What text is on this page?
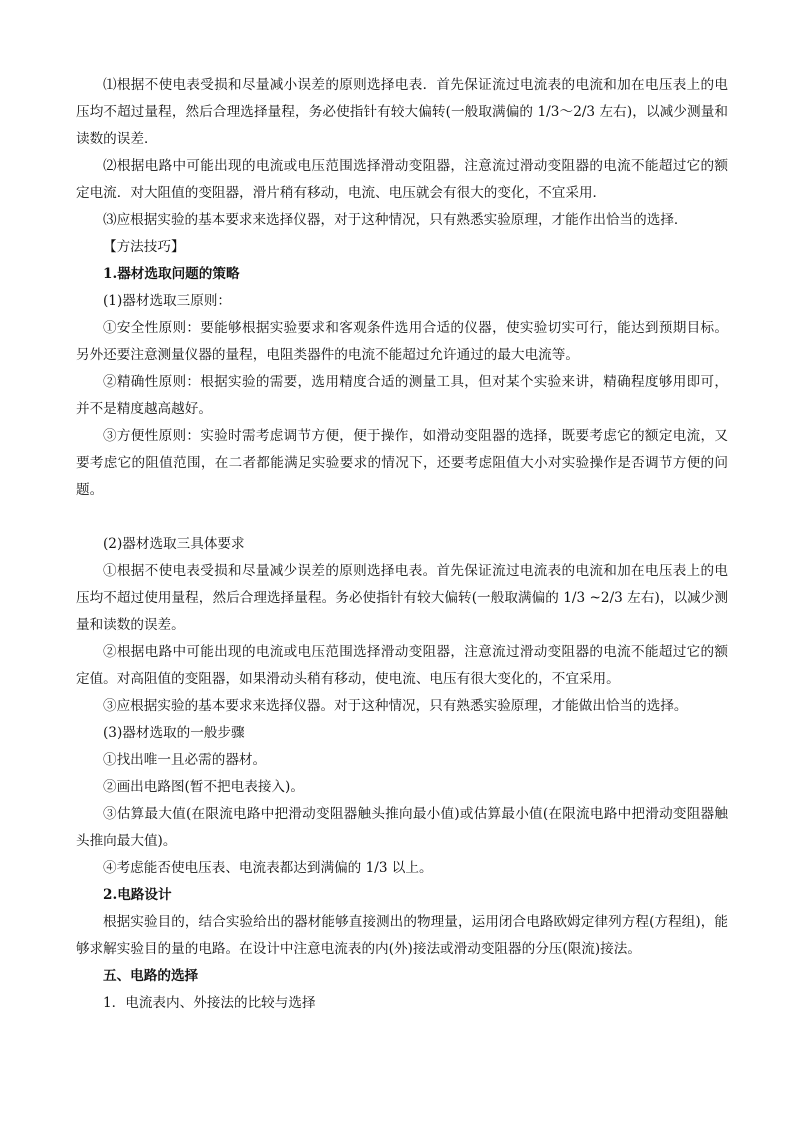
⑴根据不使电表受损和尽量减小误差的原则选择电表．首先保证流过电流表的电流和加在电压表上的电压均不超过量程，然后合理选择量程，务必使指针有较大偏转(一般取满偏的 1/3～2/3 左右)，以减少测量和读数的误差．

⑵根据电路中可能出现的电流或电压范围选择滑动变阻器，注意流过滑动变阻器的电流不能超过它的额定电流．对大阻值的变阻器，滑片稍有移动，电流、电压就会有很大的变化，不宜采用．

⑶应根据实验的基本要求来选择仪器，对于这种情况，只有熟悉实验原理，才能作出恰当的选择．

【方法技巧】

1.器材选取问题的策略

(1)器材选取三原则：

①安全性原则：要能够根据实验要求和客观条件选用合适的仪器，使实验切实可行，能达到预期目标。另外还要注意测量仪器的量程，电阻类器件的电流不能超过允许通过的最大电流等。

②精确性原则：根据实验的需要，选用精度合适的测量工具，但对某个实验来讲，精确程度够用即可，并不是精度越高越好。

③方便性原则：实验时需考虑调节方便，便于操作，如滑动变阻器的选择，既要考虑它的额定电流，又要考虑它的阻值范围，在二者都能满足实验要求的情况下，还要考虑阻值大小对实验操作是否调节方便的问题。

(2)器材选取三具体要求

①根据不使电表受损和尽量减少误差的原则选择电表。首先保证流过电流表的电流和加在电压表上的电压均不超过使用量程，然后合理选择量程。务必使指针有较大偏转(一般取满偏的 1/3 ~2/3 左右)，以减少测量和读数的误差。

②根据电路中可能出现的电流或电压范围选择滑动变阻器，注意流过滑动变阻器的电流不能超过它的额定值。对高阻值的变阻器，如果滑动头稍有移动，使电流、电压有很大变化的，不宜采用。

③应根据实验的基本要求来选择仪器。对于这种情况，只有熟悉实验原理，才能做出恰当的选择。

(3)器材选取的一般步骤

①找出唯一且必需的器材。

②画出电路图(暂不把电表接入)。

③估算最大值(在限流电路中把滑动变阻器触头推向最小值)或估算最小值(在限流电路中把滑动变阻器触头推向最大值)。

④考虑能否使电压表、电流表都达到满偏的 1/3 以上。

2.电路设计

根据实验目的，结合实验给出的器材能够直接测出的物理量，运用闭合电路欧姆定律列方程(方程组)，能够求解实验目的量的电路。在设计中注意电流表的内(外)接法或滑动变阻器的分压(限流)接法。

五、电路的选择

1．电流表内、外接法的比较与选择
